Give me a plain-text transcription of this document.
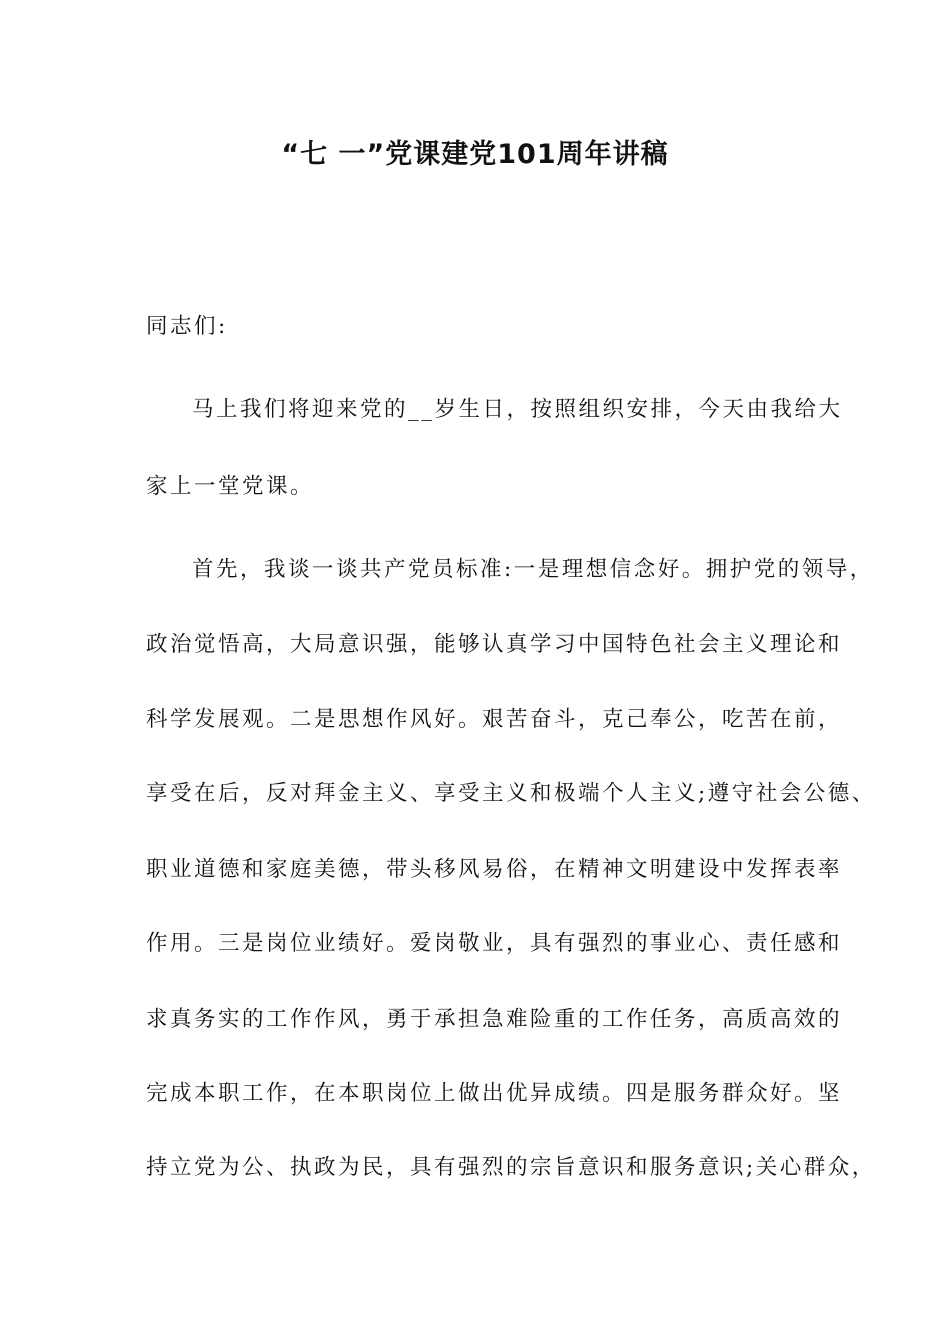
“七 一”党课建党101周年讲稿
同志们:
马上我们将迎来党的__岁生日，按照组织安排，今天由我给大
家上一堂党课。
首先，我谈一谈共产党员标准:一是理想信念好。拥护党的领导，
政治觉悟高，大局意识强，能够认真学习中国特色社会主义理论和
科学发展观。二是思想作风好。艰苦奋斗，克己奉公，吃苦在前，
享受在后，反对拜金主义、享受主义和极端个人主义;遵守社会公德、
职业道德和家庭美德，带头移风易俗，在精神文明建设中发挥表率
作用。三是岗位业绩好。爱岗敬业，具有强烈的事业心、责任感和
求真务实的工作作风，勇于承担急难险重的工作任务，高质高效的
完成本职工作，在本职岗位上做出优异成绩。四是服务群众好。坚
持立党为公、执政为民，具有强烈的宗旨意识和服务意识;关心群众，
